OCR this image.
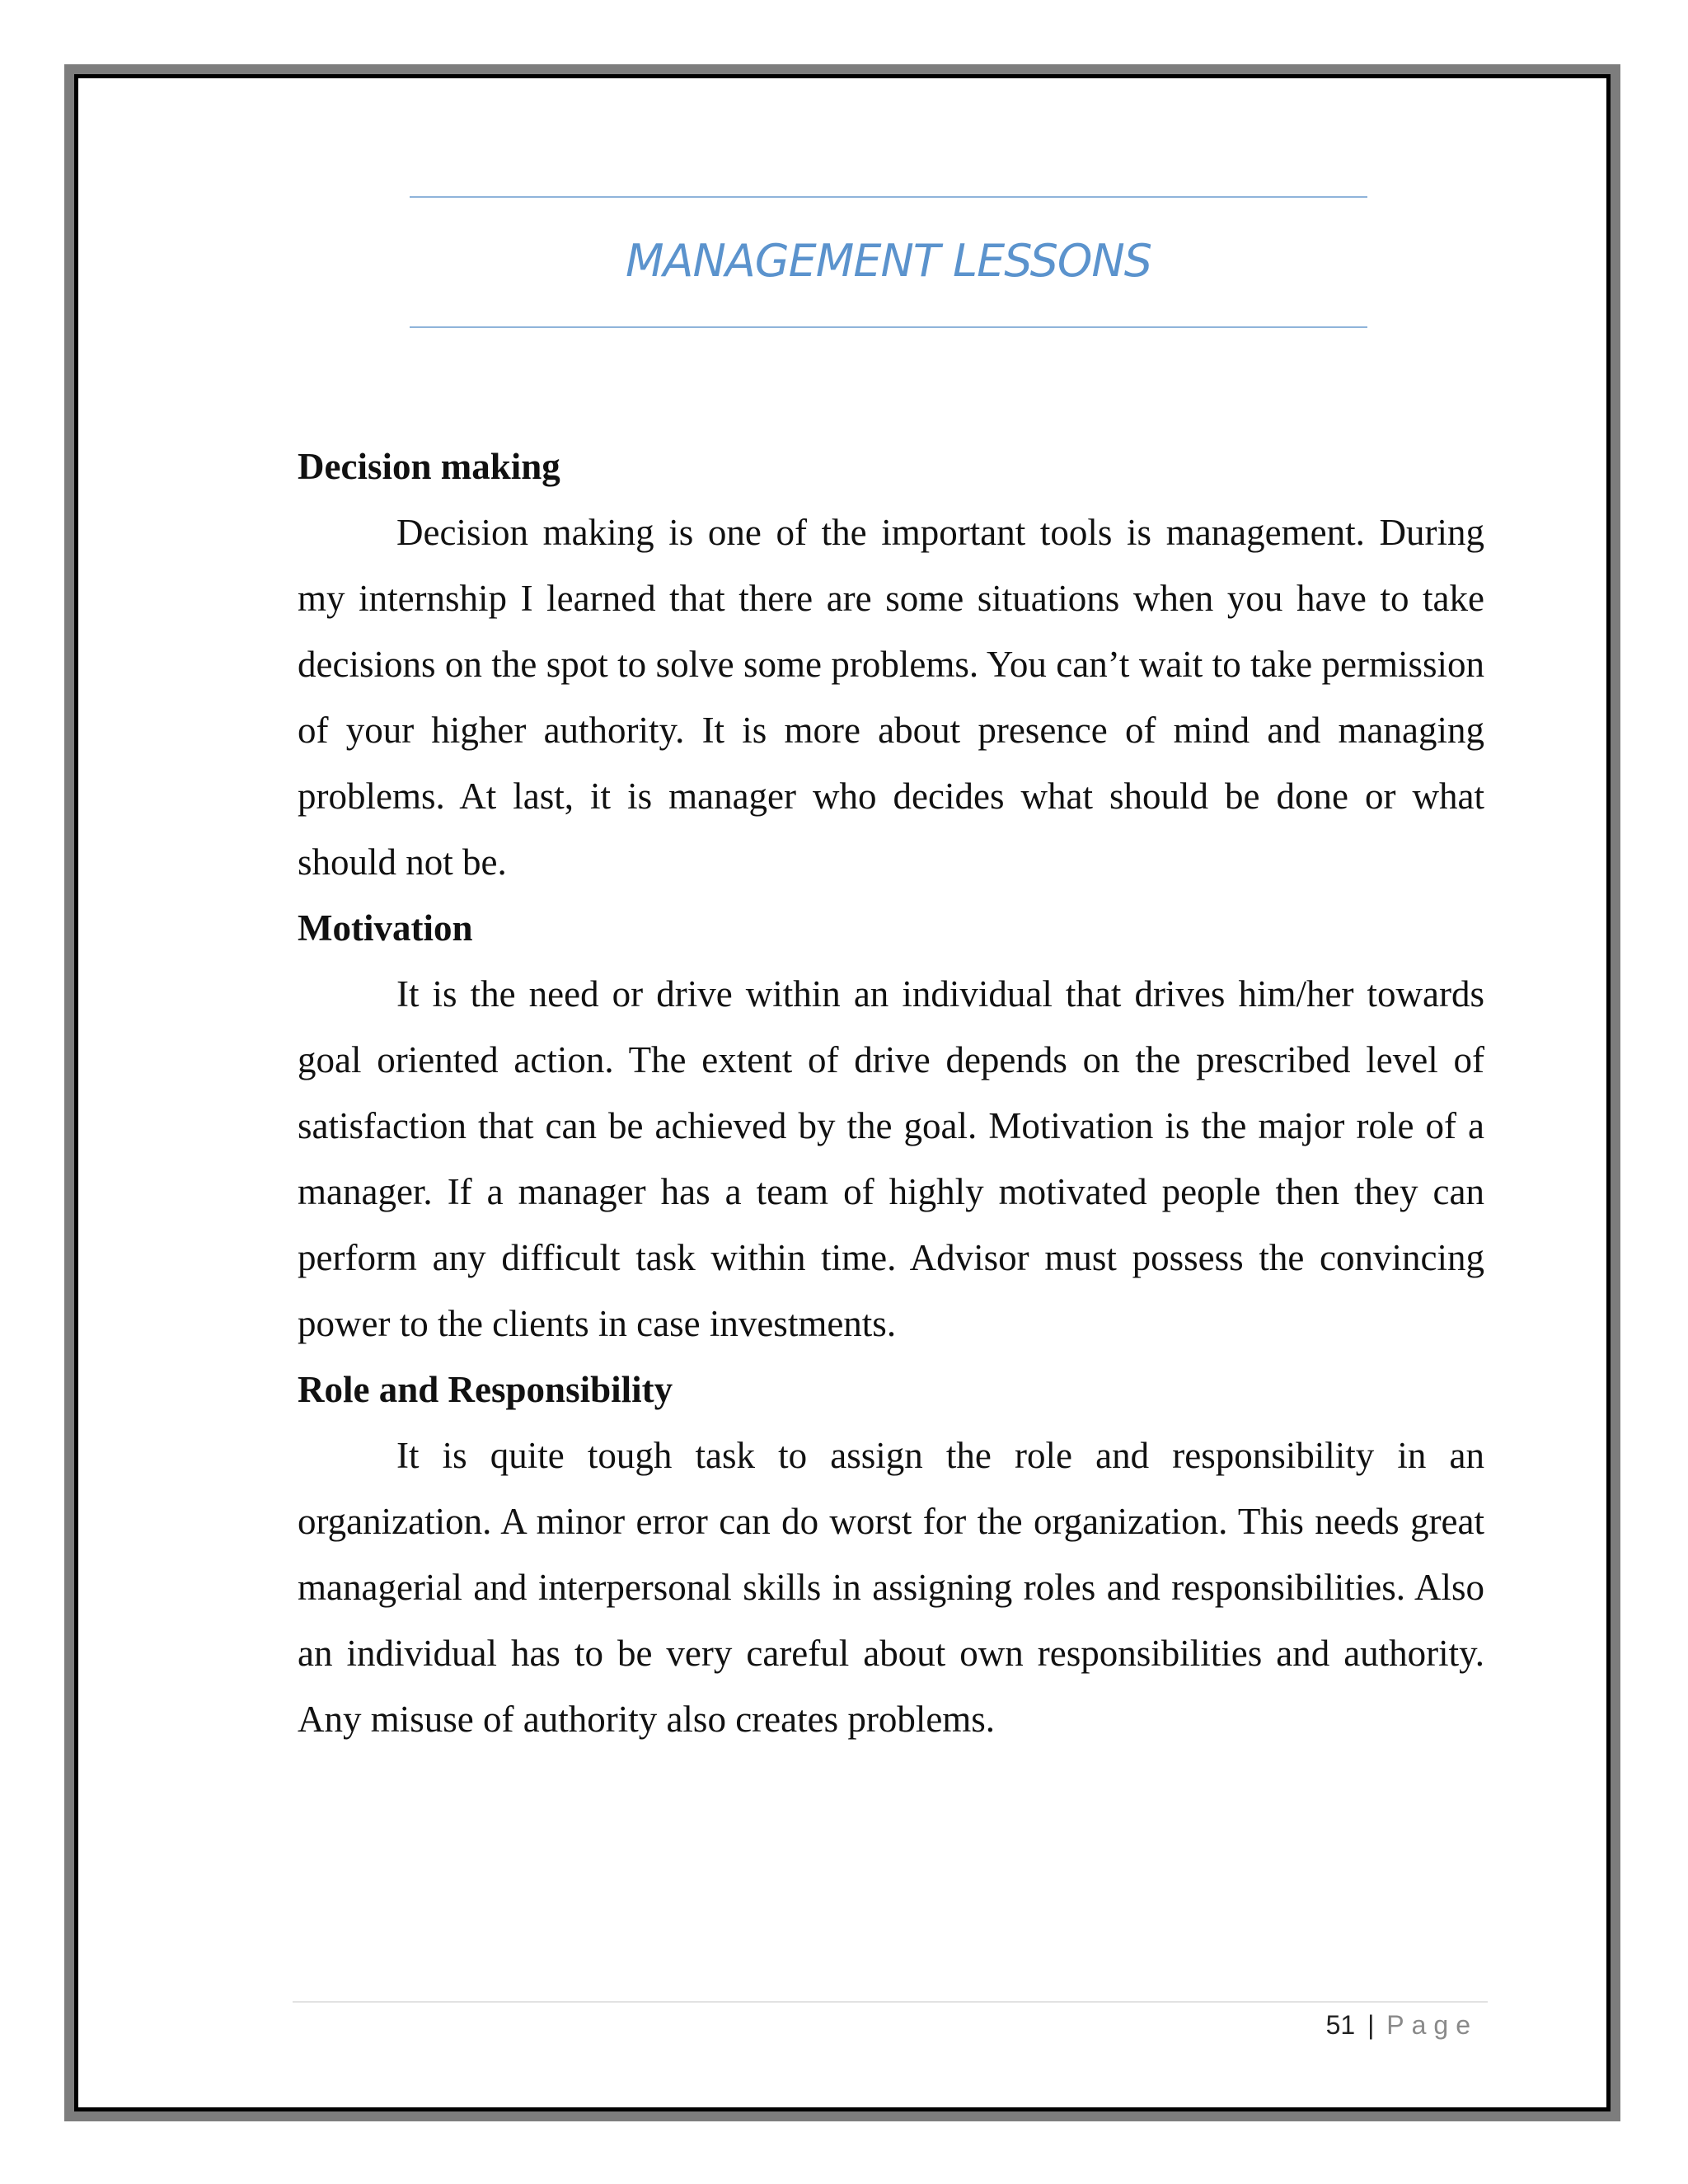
MANAGEMENT LESSONS
Decision making

Decision making is one of the important tools is management. During my internship I learned that there are some situations when you have to take decisions on the spot to solve some problems. You can’t wait to take permission of your higher authority. It is more about presence of mind and managing problems. At last, it is manager who decides what should be done or what should not be.

Motivation

It is the need or drive within an individual that drives him/her towards goal oriented action. The extent of drive depends on the prescribed level of satisfaction that can be achieved by the goal. Motivation is the major role of a manager. If a manager has a team of highly motivated people then they can perform any difficult task within time. Advisor must possess the convincing power to the clients in case investments.

Role and Responsibility

It is quite tough task to assign the role and responsibility in an organization. A minor error can do worst for the organization. This needs great managerial and interpersonal skills in assigning roles and responsibilities. Also an individual has to be very careful about own responsibilities and authority. Any misuse of authority also creates problems.

51 | Page
